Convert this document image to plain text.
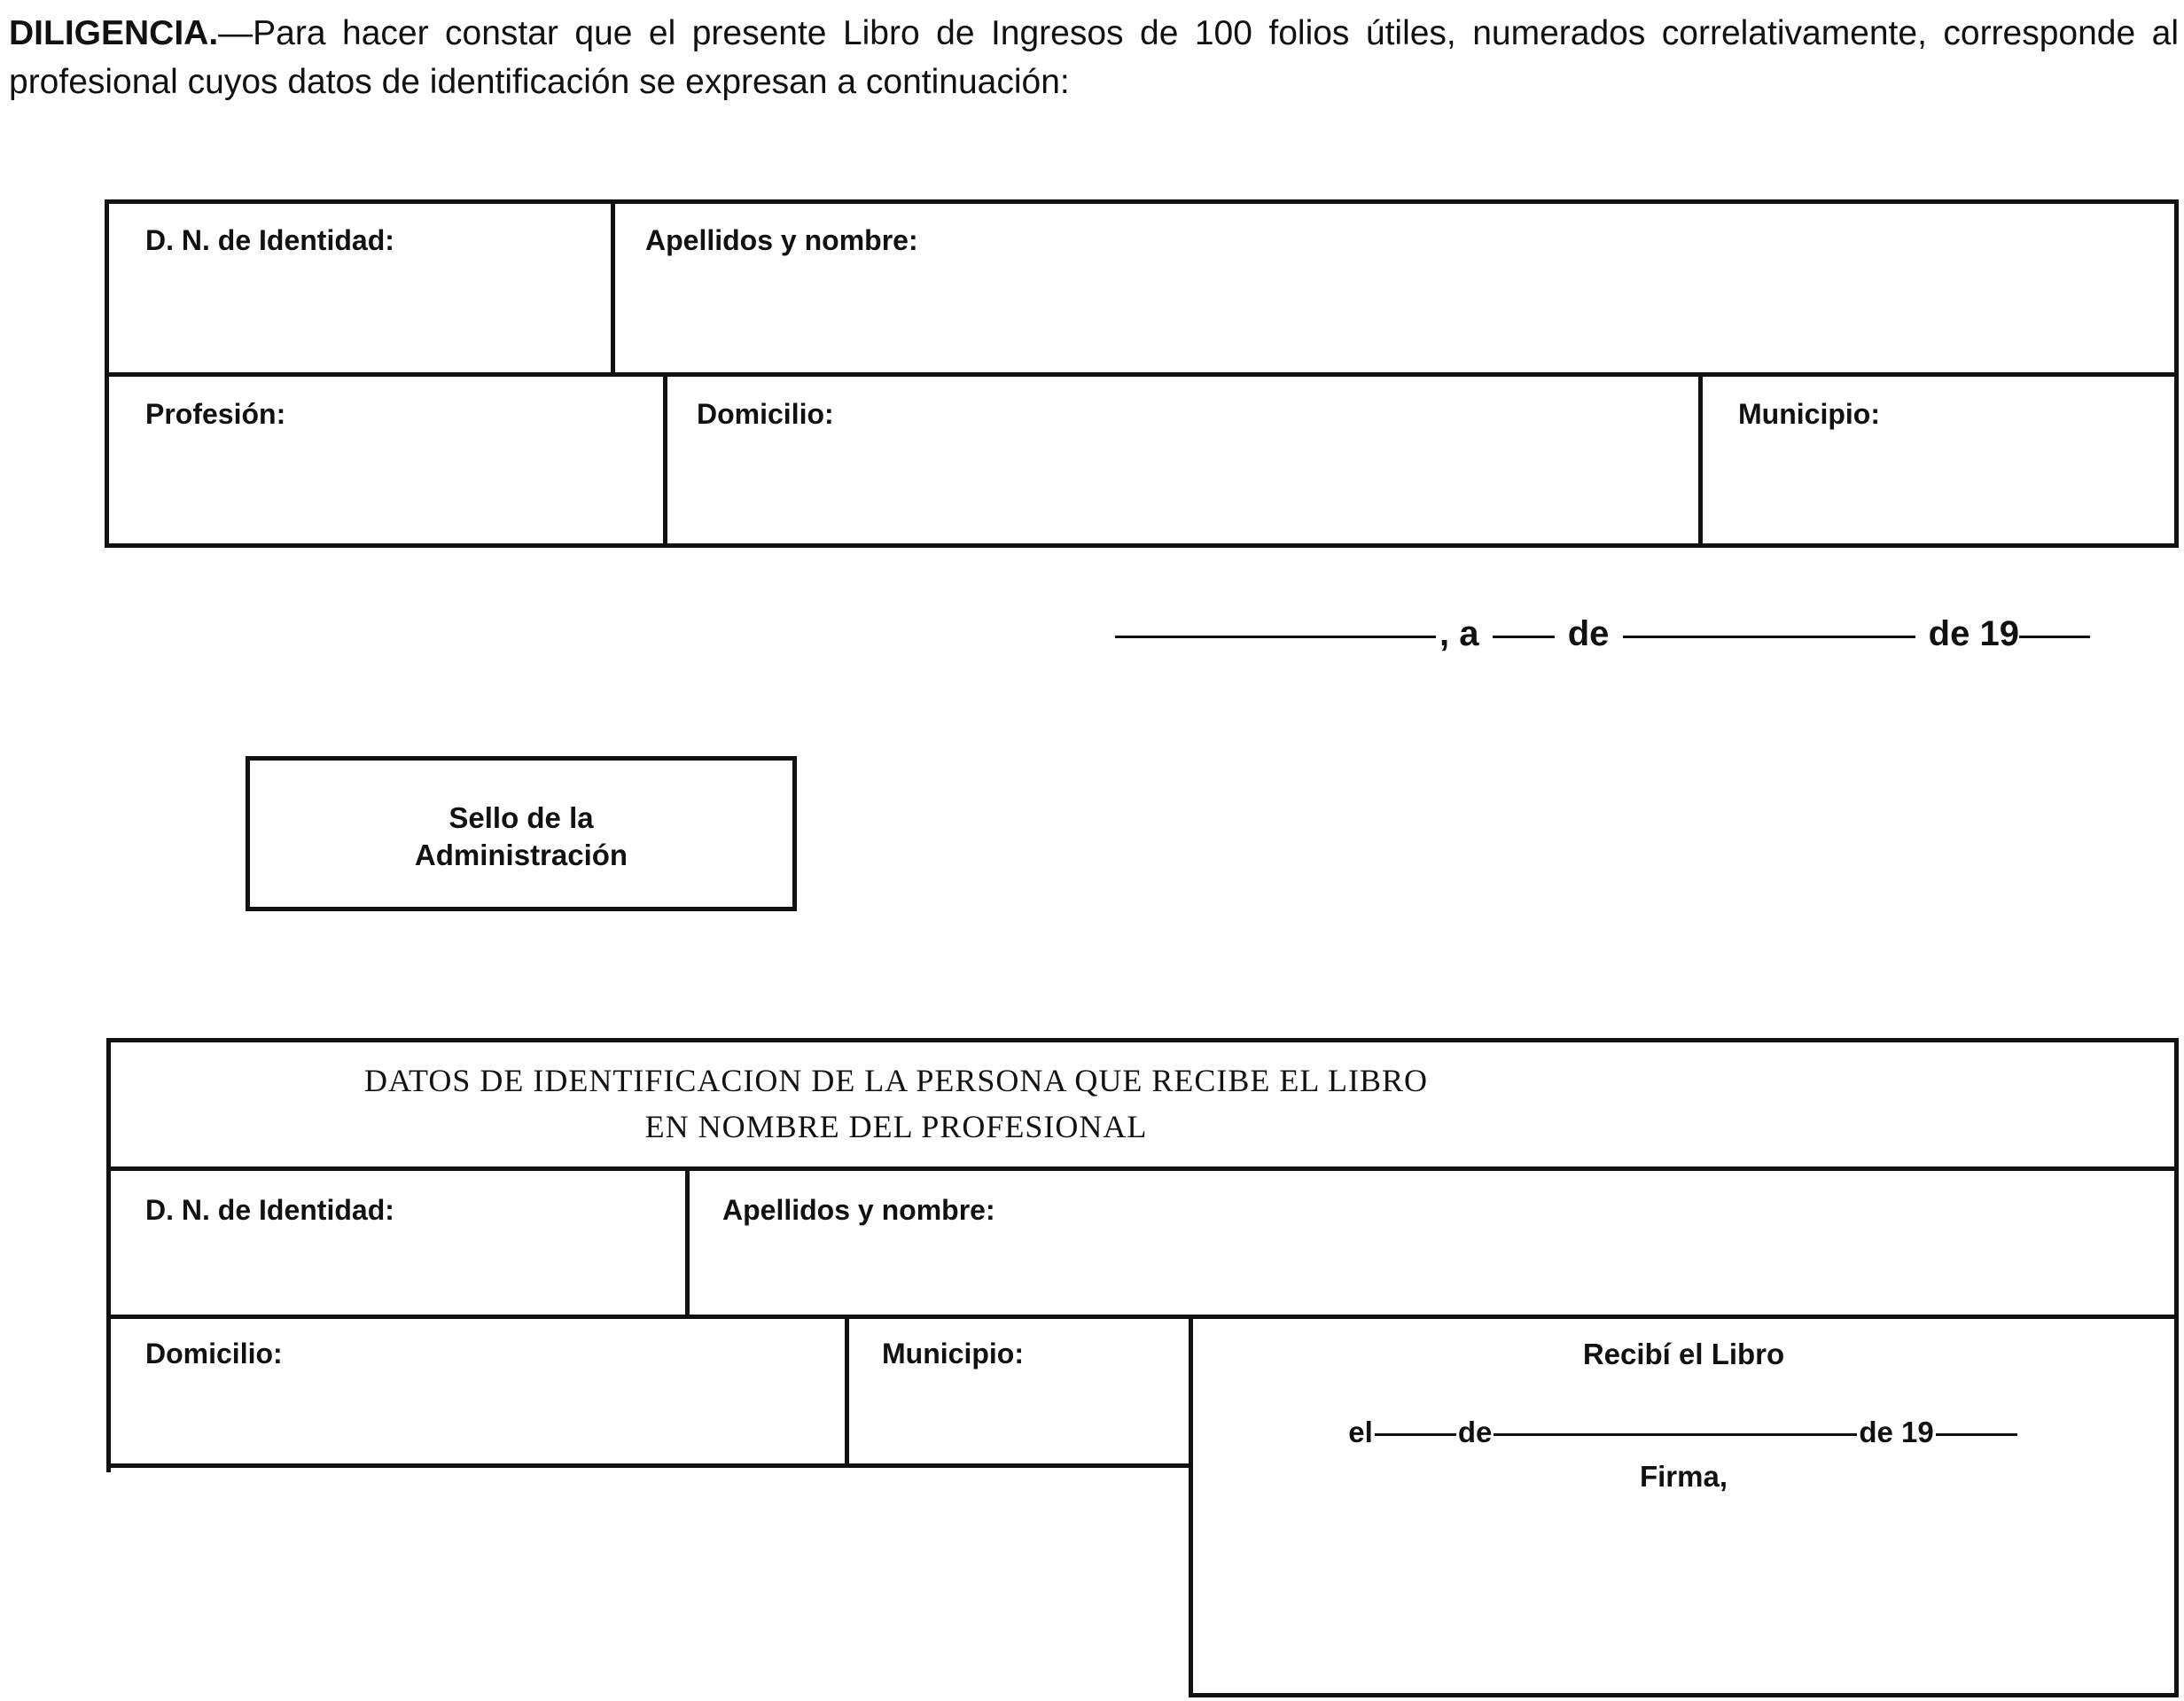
DILIGENCIA.—Para hacer constar que el presente Libro de Ingresos de 100 folios útiles, numerados correlativamente, corresponde al profesional cuyos datos de identificación se expresan a continuación:
D. N. de Identidad:	Apellidos y nombre:
Profesión:	Domicilio:	Municipio:
, a	de	de 19
Sello de la
Administración
Recibí el Libro
el	de	de 19
Firma,
DATOS DE IDENTIFICACION DE LA PERSONA QUE RECIBE EL LIBRO
EN NOMBRE DEL PROFESIONAL
D. N. de Identidad:	Apellidos y nombre:
Domicilio:	Municipio:
